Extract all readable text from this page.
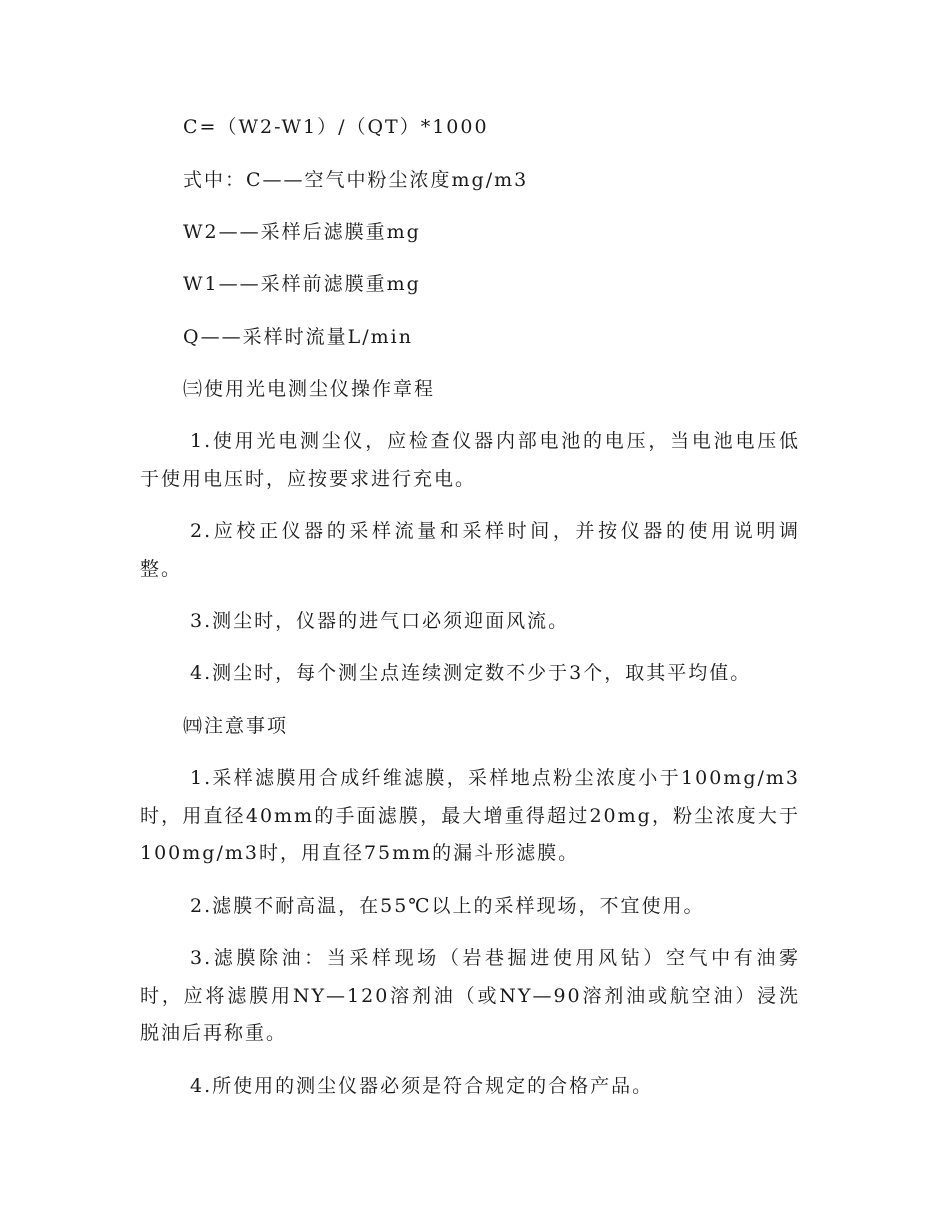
C=（W2-W1）/（QT）*1000
式中：C——空气中粉尘浓度mg/m3
W2——采样后滤膜重mg
W1——采样前滤膜重mg
Q——采样时流量L/min
㈢使用光电测尘仪操作章程
1.使用光电测尘仪，应检查仪器内部电池的电压，当电池电压低于使用电压时，应按要求进行充电。
2.应校正仪器的采样流量和采样时间，并按仪器的使用说明调整。
3.测尘时，仪器的进气口必须迎面风流。
4.测尘时，每个测尘点连续测定数不少于3个，取其平均值。
㈣注意事项
1.采样滤膜用合成纤维滤膜，采样地点粉尘浓度小于100mg/m3时，用直径40mm的手面滤膜，最大增重得超过20mg，粉尘浓度大于100mg/m3时，用直径75mm的漏斗形滤膜。
2.滤膜不耐高温，在55℃以上的采样现场，不宜使用。
3.滤膜除油：当采样现场（岩巷掘进使用风钻）空气中有油雾时，应将滤膜用NY—120溶剂油（或NY—90溶剂油或航空油）浸洗脱油后再称重。
4.所使用的测尘仪器必须是符合规定的合格产品。
